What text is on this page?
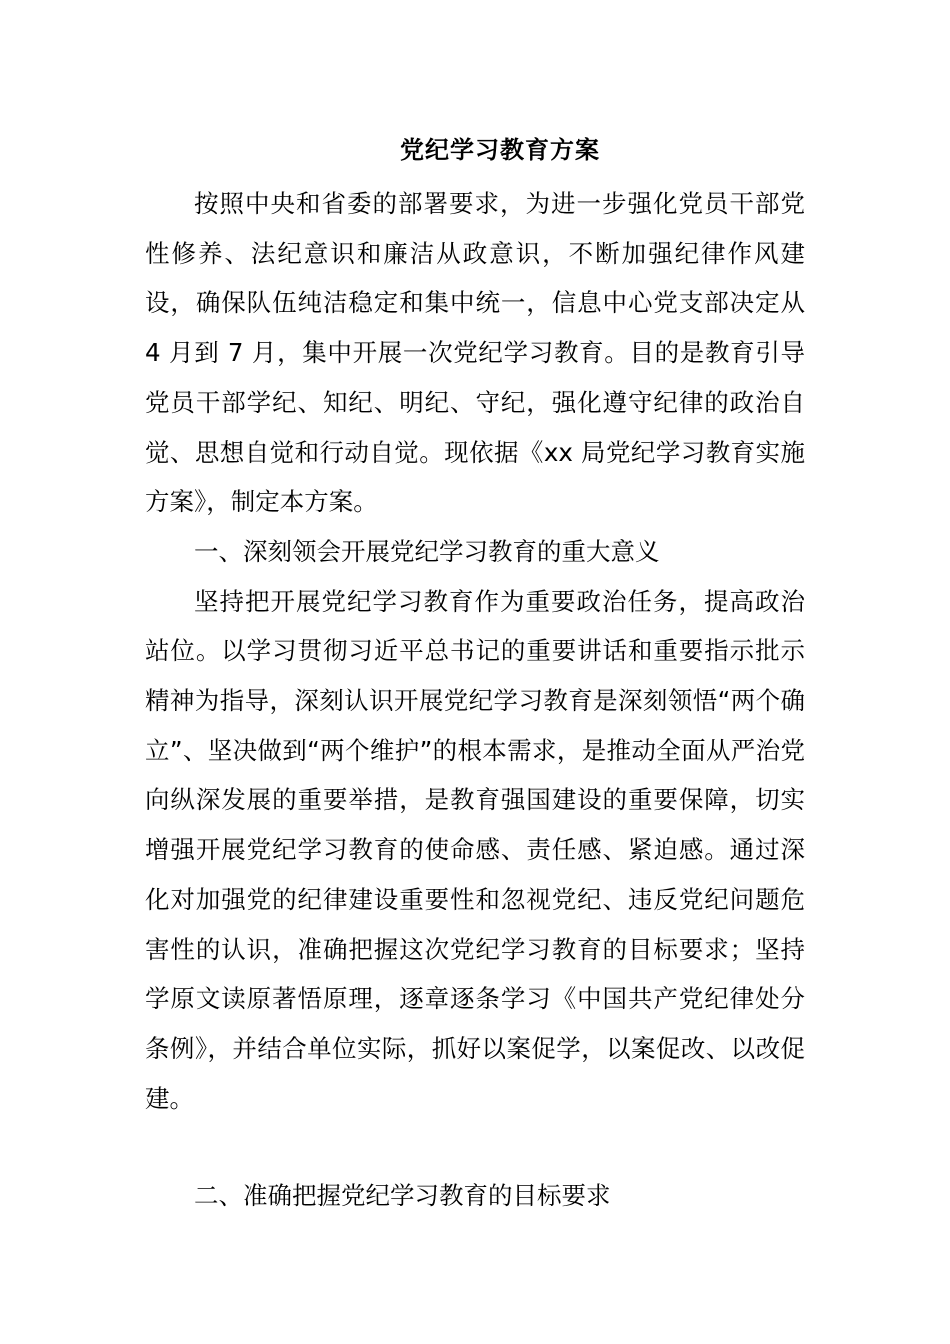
党纪学习教育方案

按照中央和省委的部署要求，为进一步强化党员干部党性修养、法纪意识和廉洁从政意识，不断加强纪律作风建设，确保队伍纯洁稳定和集中统一，信息中心党支部决定从 4 月到 7 月，集中开展一次党纪学习教育。目的是教育引导党员干部学纪、知纪、明纪、守纪，强化遵守纪律的政治自觉、思想自觉和行动自觉。现依据《xx 局党纪学习教育实施方案》，制定本方案。

一、深刻领会开展党纪学习教育的重大意义

坚持把开展党纪学习教育作为重要政治任务，提高政治站位。以学习贯彻习近平总书记的重要讲话和重要指示批示精神为指导，深刻认识开展党纪学习教育是深刻领悟“两个确立”、坚决做到“两个维护”的根本需求，是推动全面从严治党向纵深发展的重要举措，是教育强国建设的重要保障，切实增强开展党纪学习教育的使命感、责任感、紧迫感。通过深化对加强党的纪律建设重要性和忽视党纪、违反党纪问题危害性的认识，准确把握这次党纪学习教育的目标要求；坚持学原文读原著悟原理，逐章逐条学习《中国共产党纪律处分条例》，并结合单位实际，抓好以案促学，以案促改、以改促建。

二、准确把握党纪学习教育的目标要求
